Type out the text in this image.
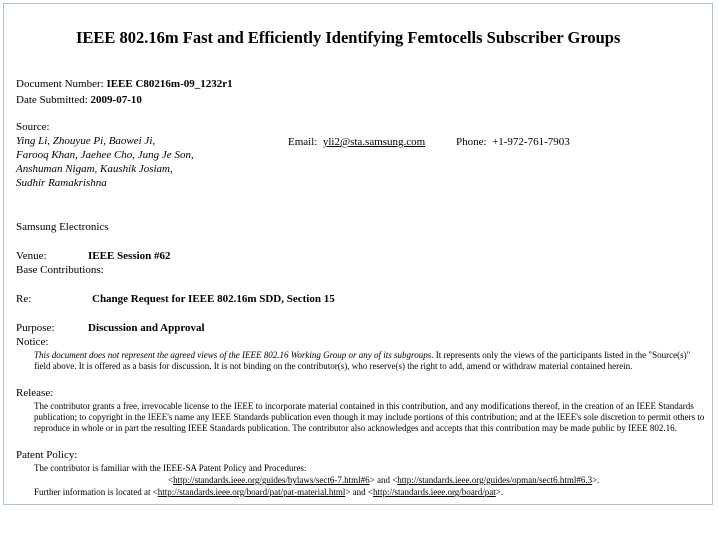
IEEE 802.16m Fast and Efficiently Identifying Femtocells Subscriber Groups
Document Number: IEEE C80216m-09_1232r1
Date Submitted: 2009-07-10
Source:
Ying Li, Zhouyue Pi, Baowei Ji,
Farooq Khan, Jaehee Cho, Jung Je Son,
Anshuman Nigam, Kaushik Josiam,
Sudhir Ramakrishna
Email: yli2@sta.samsung.com	Phone: +1-972-761-7903
Samsung Electronics
Venue:	IEEE Session #62
Base Contributions:
Re:	Change Request for IEEE 802.16m SDD, Section 15
Purpose:	Discussion and Approval
Notice:
This document does not represent the agreed views of the IEEE 802.16 Working Group or any of its subgroups. It represents only the views of the participants listed in the "Source(s)" field above. It is offered as a basis for discussion. It is not binding on the contributor(s), who reserve(s) the right to add, amend or withdraw material contained herein.
Release:
The contributor grants a free, irrevocable license to the IEEE to incorporate material contained in this contribution, and any modifications thereof, in the creation of an IEEE Standards publication; to copyright in the IEEE's name any IEEE Standards publication even though it may include portions of this contribution; and at the IEEE's sole discretion to permit others to reproduce in whole or in part the resulting IEEE Standards publication. The contributor also acknowledges and accepts that this contribution may be made public by IEEE 802.16.
Patent Policy:
The contributor is familiar with the IEEE-SA Patent Policy and Procedures:
<http://standards.ieee.org/guides/bylaws/sect6-7.html#6> and <http://standards.ieee.org/guides/opman/sect6.html#6.3>.
Further information is located at <http://standards.ieee.org/board/pat/pat-material.html> and <http://standards.ieee.org/board/pat>.
